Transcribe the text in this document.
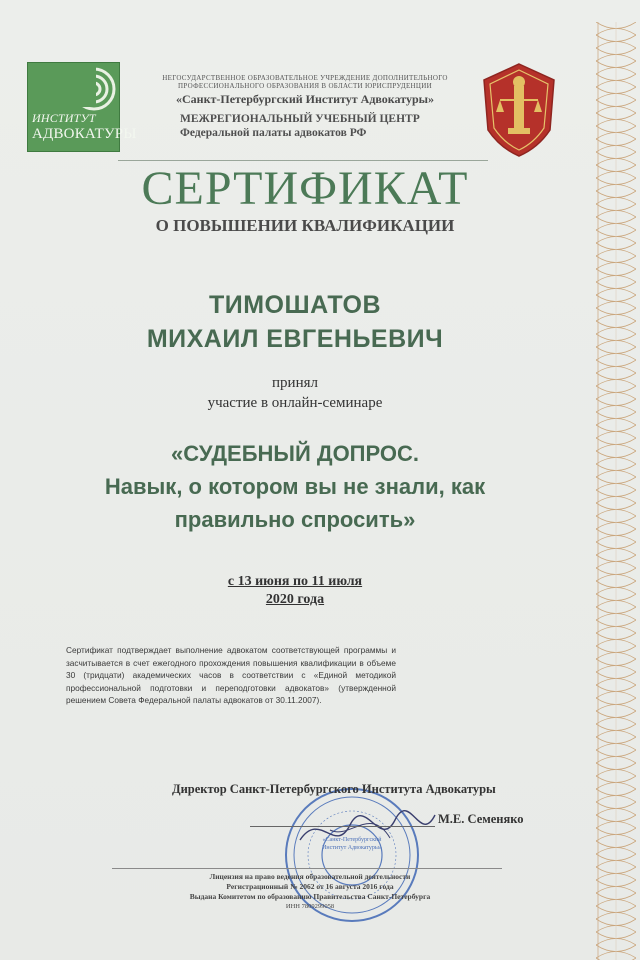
ИНСТИТУТ
АДВОКАТУРЫ
НЕГОСУДАРСТВЕННОЕ ОБРАЗОВАТЕЛЬНОЕ УЧРЕЖДЕНИЕ ДОПОЛНИТЕЛЬНОГО
ПРОФЕССИОНАЛЬНОГО ОБРАЗОВАНИЯ В ОБЛАСТИ ЮРИСПРУДЕНЦИИ
«Санкт-Петербургский Институт Адвокатуры»
МЕЖРЕГИОНАЛЬНЫЙ УЧЕБНЫЙ ЦЕНТР
Федеральной палаты адвокатов РФ
СЕРТИФИКАТ
О ПОВЫШЕНИИ КВАЛИФИКАЦИИ
ТИМОШАТОВ
МИХАИЛ ЕВГЕНЬЕВИЧ
принял
участие в онлайн-семинаре
«СУДЕБНЫЙ ДОПРОС.
Навык, о котором вы не знали, как
правильно спросить»
с 13 июня по 11 июля
2020 года
Сертификат подтверждает выполнение адвокатом соответствующей программы и засчитывается в счет ежегодного прохождения повышения квалификации в объеме 30 (тридцати) академических часов в соответствии с «Единой методикой профессиональной подготовки и переподготовки адвокатов» (утвержденной решением Совета Федеральной палаты адвокатов от 30.11.2007).
«Санкт-Петербургский Институт Адвокатуры»
Директор Санкт-Петербургского Института Адвокатуры
М.Е. Семеняко
Лицензия на право ведения образовательной деятельности
Регистрационный № 2062 от 16 августа 2016 года
Выдана Комитетом по образованию Правительства Санкт-Петербурга
ИНН 7809299058
